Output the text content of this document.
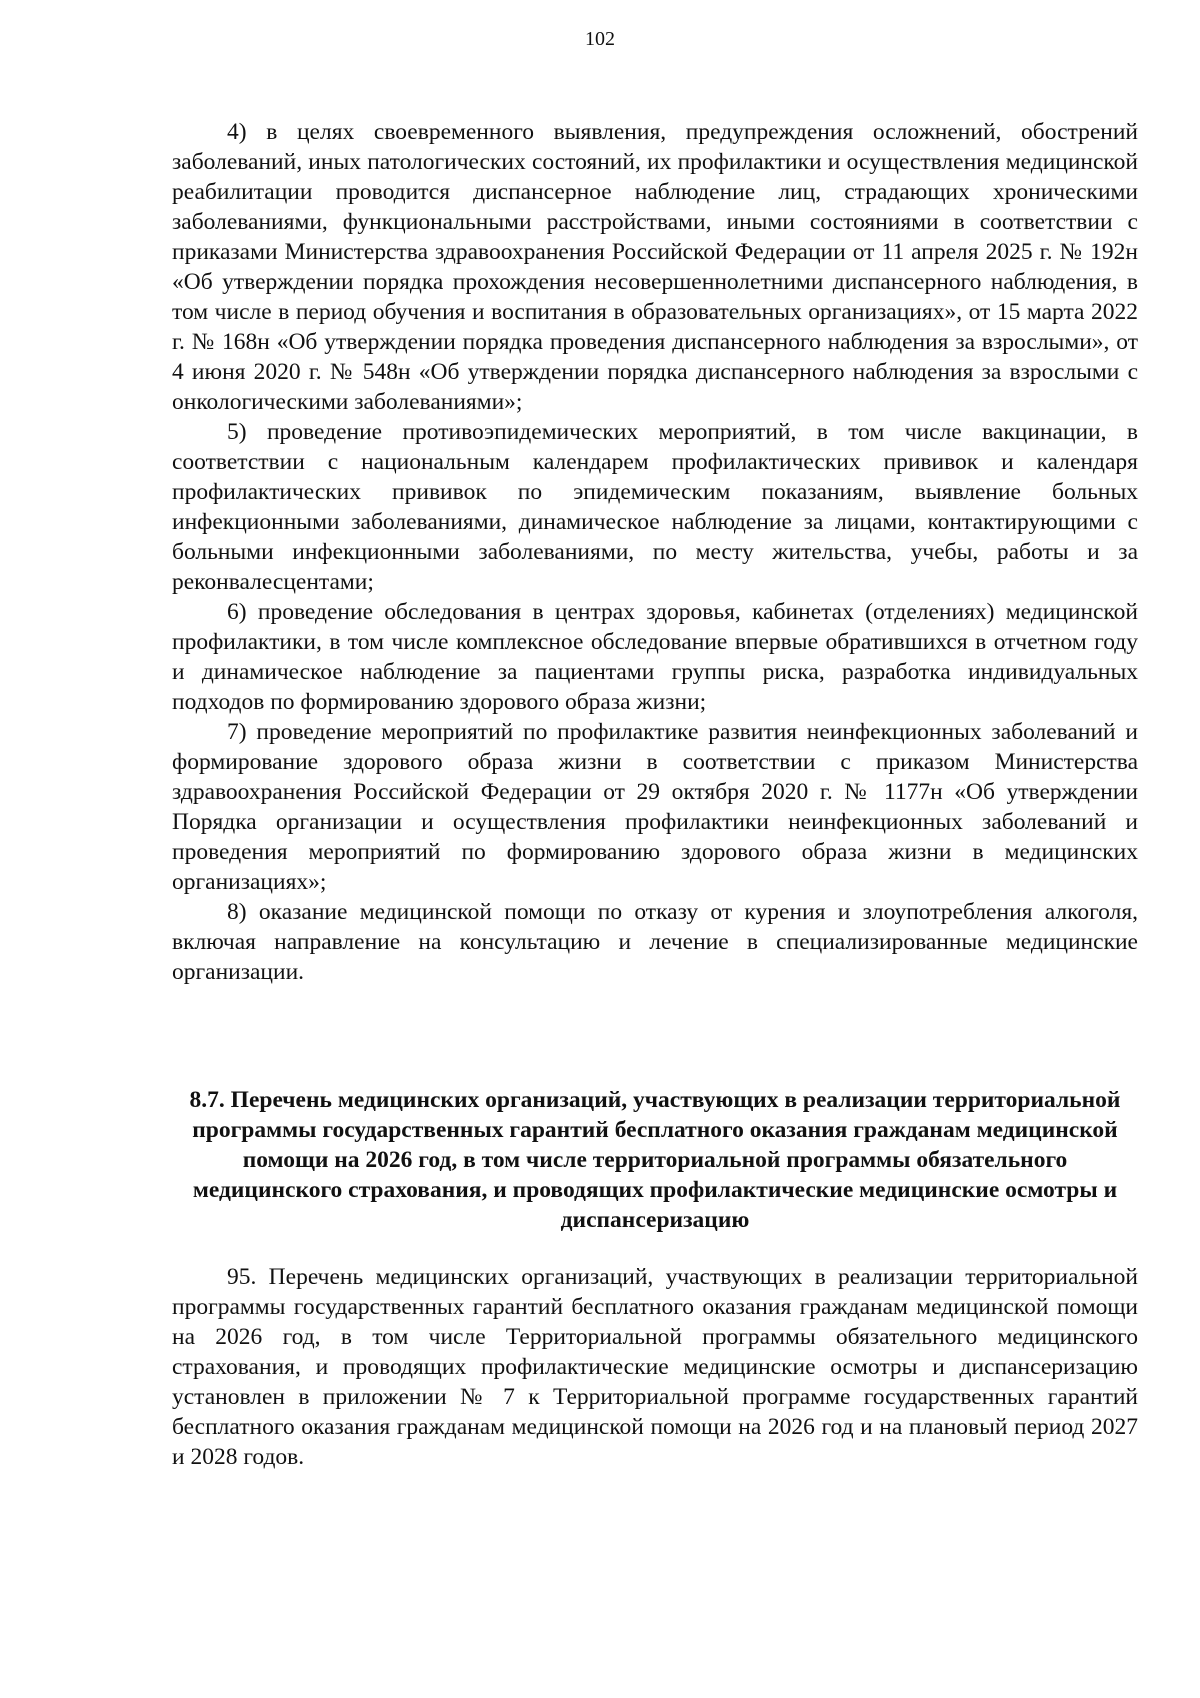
102

4) в целях своевременного выявления, предупреждения осложнений, обострений заболеваний, иных патологических состояний, их профилактики и осуществления медицинской реабилитации проводится диспансерное наблюдение лиц, страдающих хроническими заболеваниями, функциональными расстройствами, иными состояниями в соответствии с приказами Министерства здравоохранения Российской Федерации от 11 апреля 2025 г. № 192н «Об утверждении порядка прохождения несовершеннолетними диспансерного наблюдения, в том числе в период обучения и воспитания в образовательных организациях», от 15 марта 2022 г. № 168н «Об утверждении порядка проведения диспансерного наблюдения за взрослыми», от 4 июня 2020 г. № 548н «Об утверждении порядка диспансерного наблюдения за взрослыми с онкологическими заболеваниями»;

5) проведение противоэпидемических мероприятий, в том числе вакцинации, в соответствии с национальным календарем профилактических прививок и календаря профилактических прививок по эпидемическим показаниям, выявление больных инфекционными заболеваниями, динамическое наблюдение за лицами, контактирующими с больными инфекционными заболеваниями, по месту жительства, учебы, работы и за реконвалесцентами;

6) проведение обследования в центрах здоровья, кабинетах (отделениях) медицинской профилактики, в том числе комплексное обследование впервые обратившихся в отчетном году и динамическое наблюдение за пациентами группы риска, разработка индивидуальных подходов по формированию здорового образа жизни;

7) проведение мероприятий по профилактике развития неинфекционных заболеваний и формирование здорового образа жизни в соответствии с приказом Министерства здравоохранения Российской Федерации от 29 октября 2020 г. № 1177н «Об утверждении Порядка организации и осуществления профилактики неинфекционных заболеваний и проведения мероприятий по формированию здорового образа жизни в медицинских организациях»;

8) оказание медицинской помощи по отказу от курения и злоупотребления алкоголя, включая направление на консультацию и лечение в специализированные медицинские организации.

8.7. Перечень медицинских организаций, участвующих в реализации территориальной программы государственных гарантий бесплатного оказания гражданам медицинской помощи на 2026 год, в том числе территориальной программы обязательного медицинского страхования, и проводящих профилактические медицинские осмотры и диспансеризацию

95. Перечень медицинских организаций, участвующих в реализации территориальной программы государственных гарантий бесплатного оказания гражданам медицинской помощи на 2026 год, в том числе Территориальной программы обязательного медицинского страхования, и проводящих профилактические медицинские осмотры и диспансеризацию установлен в приложении № 7 к Территориальной программе государственных гарантий бесплатного оказания гражданам медицинской помощи на 2026 год и на плановый период 2027 и 2028 годов.
